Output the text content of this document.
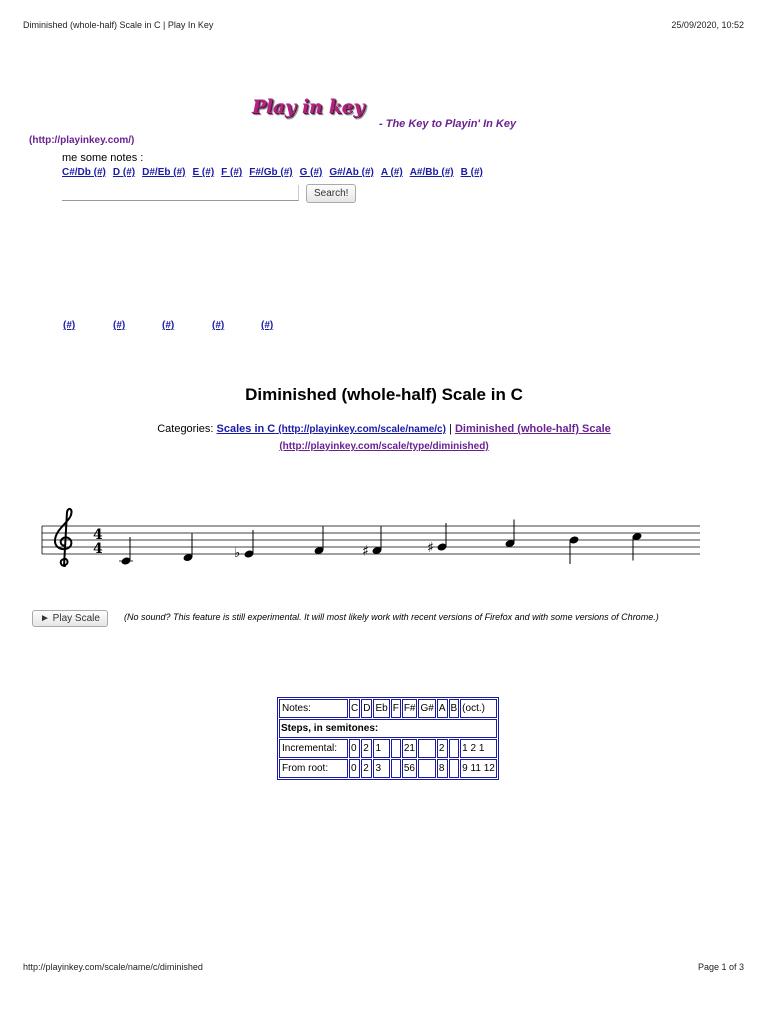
Diminished (whole-half) Scale in C | Play In Key	25/09/2020, 10:52
Play in key
- The Key to Playin' In Key
(http://playinkey.com/)
me some notes :
C#/Db (#) D (#) D#/Eb (#) E (#) F (#) F#/Gb (#) G (#) G#/Ab (#) A (#) A#/Bb (#) B (#)
Search!
(#)	(#)	(#)	(#)	(#)
Diminished (whole-half) Scale in C
Categories: Scales in C (http://playinkey.com/scale/name/c) | Diminished (whole-half) Scale
(http://playinkey.com/scale/type/diminished)
4
4	♭	♯	♯
► Play Scale	(No sound? This feature is still experimental. It will most likely work with recent versions of Firefox and with some versions of Chrome.)
Notes:	C	D	Eb	F	F#	G#	A	B	(oct.)
Steps, in semitones:									
Incremental:	0	2	1		21		2		1 2 1
From root:	0	2	3		56		8		9 11 12
http://playinkey.com/scale/name/c/diminished	Page 1 of 3
